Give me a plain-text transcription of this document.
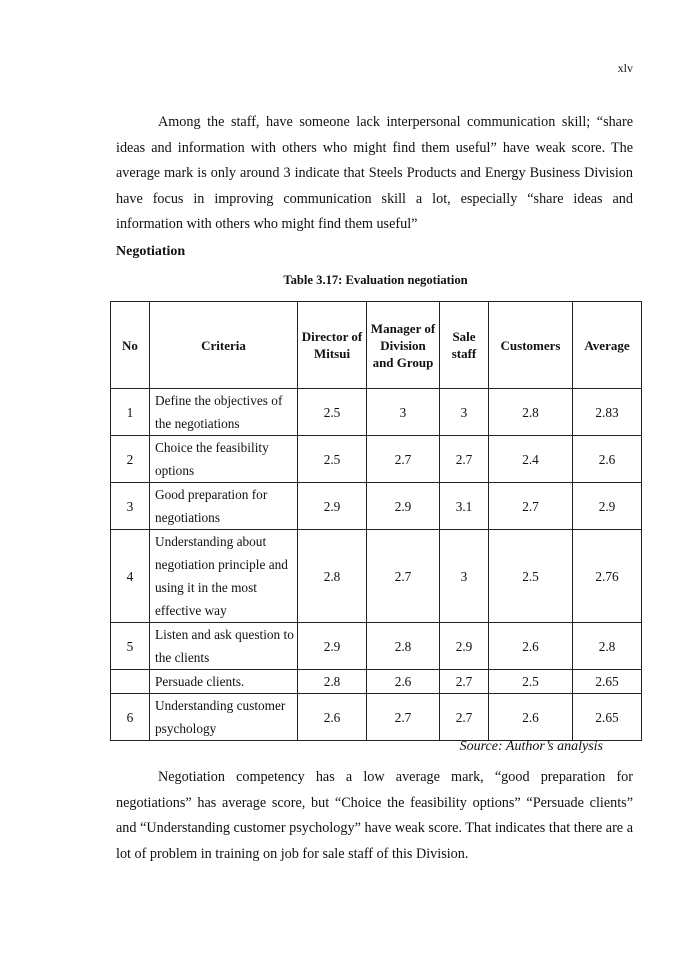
xlv

Among the staff, have someone lack interpersonal communication skill; “share ideas and information with others who might find them useful” have weak score. The average mark is only around 3 indicate that Steels Products and Energy Business Division have focus in improving communication skill a lot, especially “share ideas and information with others who might find them useful”

Negotiation
Table 3.17: Evaluation negotiation
No	Criteria	Director of Mitsui	Manager of Division and Group	Sale staff	Customers	Average
1	Define the objectives of the negotiations	2.5	3	3	2.8	2.83
2	Choice the feasibility options	2.5	2.7	2.7	2.4	2.6
3	Good preparation for negotiations	2.9	2.9	3.1	2.7	2.9
4	Understanding about negotiation principle and using it in the most effective way	2.8	2.7	3	2.5	2.76
5	Listen and ask question to the clients	2.9	2.8	2.9	2.6	2.8
	Persuade clients.	2.8	2.6	2.7	2.5	2.65
6	Understanding customer psychology	2.6	2.7	2.7	2.6	2.65
Source: Author’s analysis

Negotiation competency has a low average mark, “good preparation for negotiations” has average score, but “Choice the feasibility options” “Persuade clients” and “Understanding customer psychology” have weak score. That indicates that there are a lot of problem in training on job for sale staff of this Division.
